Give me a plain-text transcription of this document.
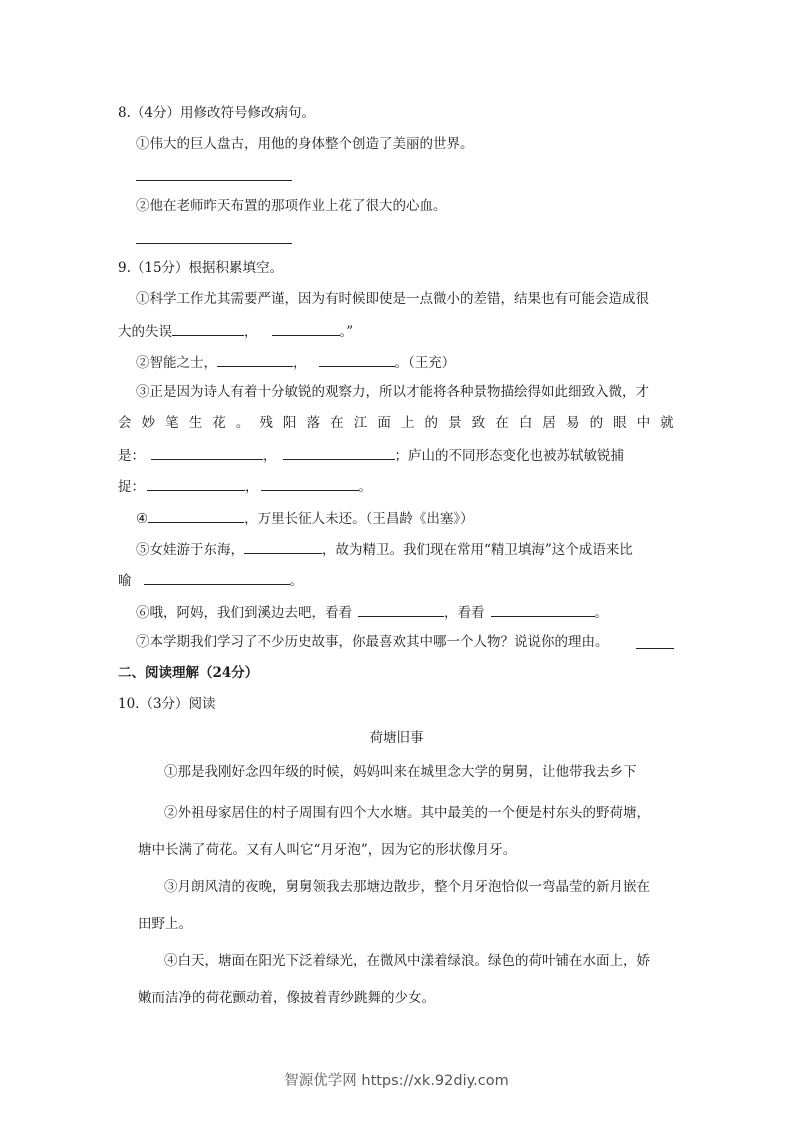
8.（4分）用修改符号修改病句。
①伟大的巨人盘古，用他的身体整个创造了美丽的世界。
②他在老师昨天布置的那项作业上花了很大的心血。
9.（15分）根据积累填空。
①科学工作尤其需要严谨，因为有时候即使是一点微小的差错，结果也有可能会造成很
大的失误	，	。”
②智能之士，	，	。（王充）
③正是因为诗人有着十分敏锐的观察力，所以才能将各种景物描绘得如此细致入微，才
会 妙 笔 生 花 。 残 阳 落 在 江 面 上 的 景 致 在 白 居 易 的 眼 中 就
是：	，	；庐山的不同形态变化也被苏轼敏锐捕
捉：	，	。
④	，万里长征人未还。（王昌龄《出塞》）
⑤女娃游于东海，	，故为精卫。我们现在常用“精卫填海”这个成语来比
喻	。
⑥哦，阿妈，我们到溪边去吧，看看	，看看	。
⑦本学期我们学习了不少历史故事，你最喜欢其中哪一个人物？说说你的理由。
二、阅读理解（24分）
10.（3分）阅读
荷塘旧事
①那是我刚好念四年级的时候，妈妈叫来在城里念大学的舅舅，让他带我去乡下
②外祖母家居住的村子周围有四个大水塘。其中最美的一个便是村东头的野荷塘，
塘中长满了荷花。又有人叫它“月牙泡”，因为它的形状像月牙。
③月朗风清的夜晚，舅舅领我去那塘边散步，整个月牙泡恰似一弯晶莹的新月嵌在
田野上。
④白天，塘面在阳光下泛着绿光，在微风中漾着绿浪。绿色的荷叶铺在水面上，娇
嫩而洁净的荷花颤动着，像披着青纱跳舞的少女。
智源优学网 https://xk.92diy.com
